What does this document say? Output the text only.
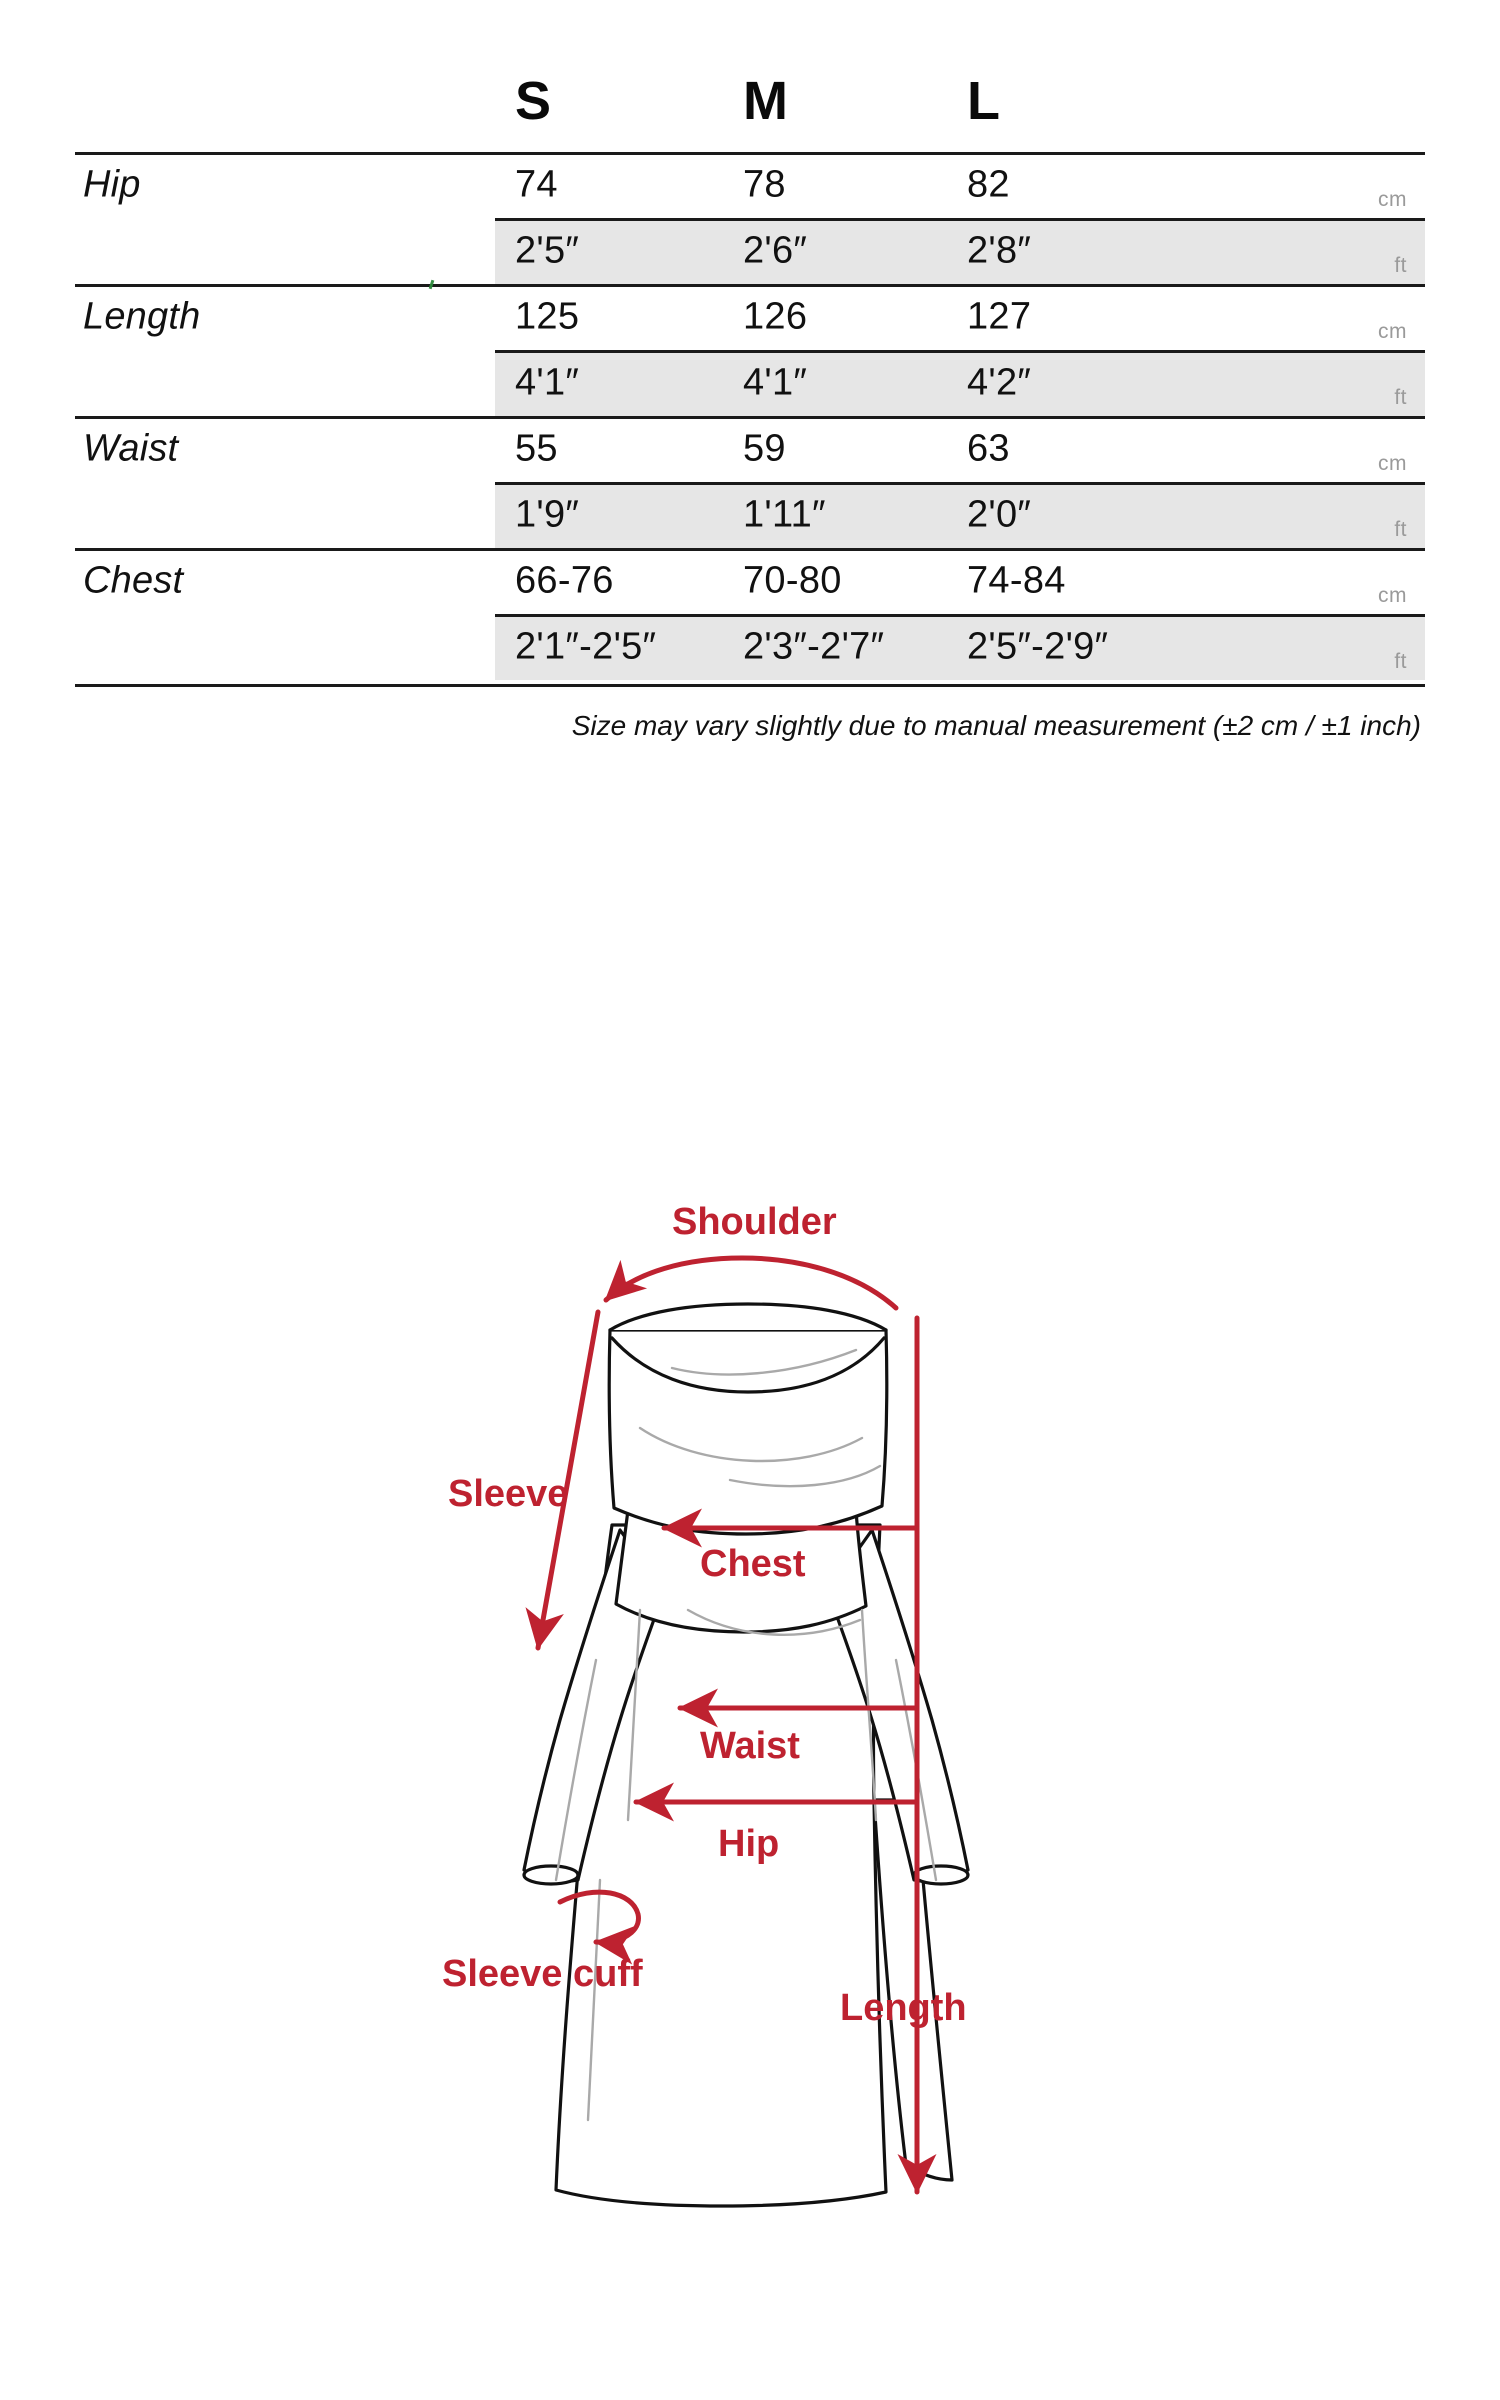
S	M	L
Hip	74	78	82	cm
2'5″	2'6″	2'8″	ft
Length	125	126	127	cm
4'1″	4'1″	4'2″	ft
Waist	55	59	63	cm
1'9″	1'11″	2'0″	ft
Chest	66-76	70-80	74-84	cm
2'1″-2'5″ 2'3″-2'7″ 2'5″-2'9″	ft
Size may vary slightly due to manual measurement (±2 cm / ±1 inch)
Shoulder
Chest
Sleeve
Waist
Hip
Sleeve cuff
Length
